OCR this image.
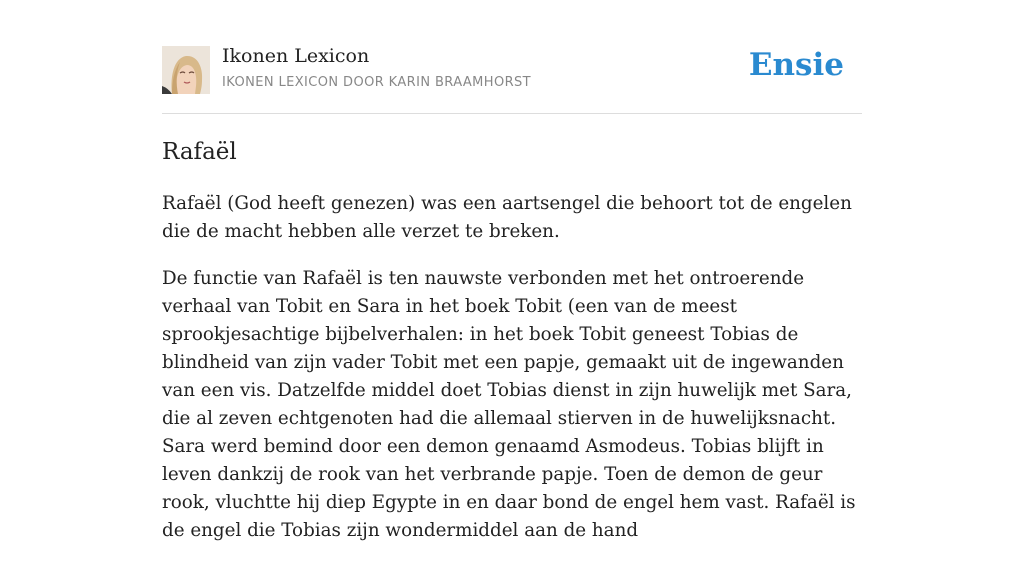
Ikonen Lexicon
IKONEN LEXICON DOOR KARIN BRAAMHORST	Ensie
Rafaël

Rafaël (God heeft genezen) was een aartsengel die behoort tot de engelen die de macht hebben alle verzet te breken.

De functie van Rafaël is ten nauwste verbonden met het ontroerende verhaal van Tobit en Sara in het boek Tobit (een van de meest sprookjesachtige bijbelverhalen: in het boek Tobit geneest Tobias de blindheid van zijn vader Tobit met een papje, gemaakt uit de ingewanden van een vis. Datzelfde middel doet Tobias dienst in zijn huwelijk met Sara, die al zeven echtgenoten had die allemaal stierven in de huwelijksnacht. Sara werd bemind door een demon genaamd Asmodeus. Tobias blijft in leven dankzij de rook van het verbrande papje. Toen de demon de geur rook, vluchtte hij diep Egypte in en daar bond de engel hem vast. Rafaël is de engel die Tobias zijn wondermiddel aan de hand
